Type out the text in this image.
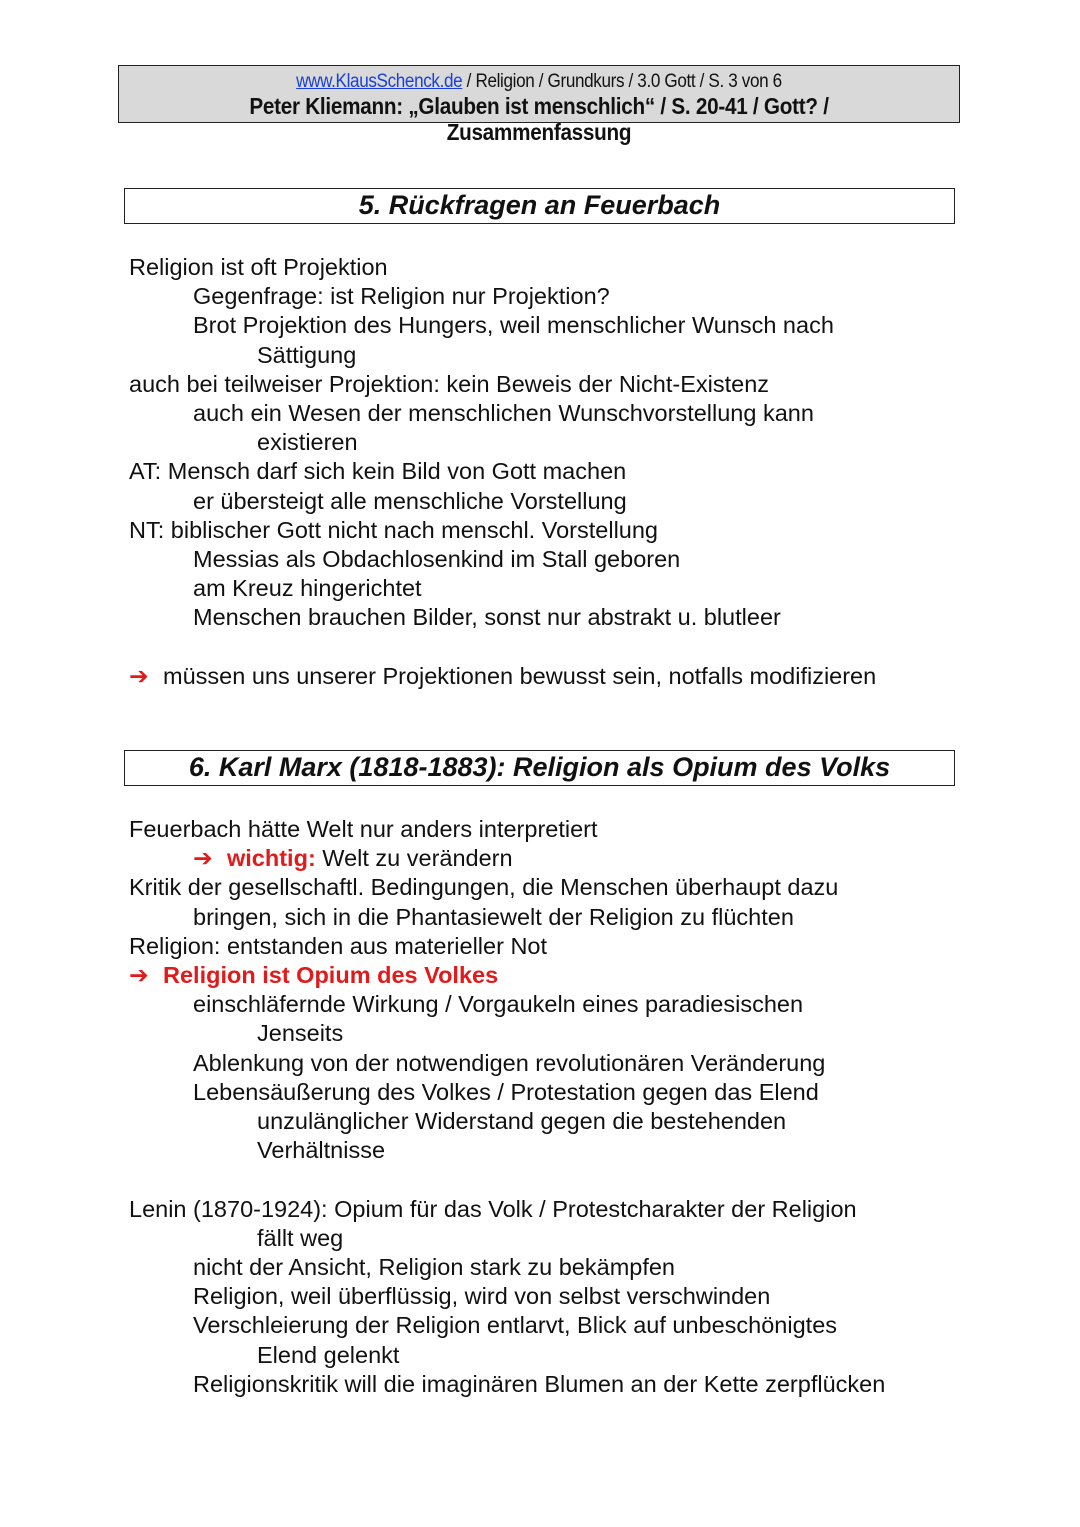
www.KlausSchenck.de / Religion / Grundkurs / 3.0 Gott / S. 3 von 6
Peter Kliemann: „Glauben ist menschlich“ / S. 20-41 / Gott? / Zusammenfassung
5. Rückfragen an Feuerbach
Religion ist oft Projektion
Gegenfrage: ist Religion nur Projektion?
Brot Projektion des Hungers, weil menschlicher Wunsch nach
Sättigung
auch bei teilweiser Projektion: kein Beweis der Nicht-Existenz
auch ein Wesen der menschlichen Wunschvorstellung kann
existieren
AT: Mensch darf sich kein Bild von Gott machen
er übersteigt alle menschliche Vorstellung
NT: biblischer Gott nicht nach menschl. Vorstellung
Messias als Obdachlosenkind im Stall geboren
am Kreuz hingerichtet
Menschen brauchen Bilder, sonst nur abstrakt u. blutleer
➔ müssen uns unserer Projektionen bewusst sein, notfalls modifizieren
6. Karl Marx (1818-1883): Religion als Opium des Volks
Feuerbach hätte Welt nur anders interpretiert
➔ wichtig: Welt zu verändern
Kritik der gesellschaftl. Bedingungen, die Menschen überhaupt dazu
bringen, sich in die Phantasiewelt der Religion zu flüchten
Religion: entstanden aus materieller Not
➔ Religion ist Opium des Volkes
einschläfernde Wirkung / Vorgaukeln eines paradiesischen
Jenseits
Ablenkung von der notwendigen revolutionären Veränderung
Lebensäußerung des Volkes / Protestation gegen das Elend
unzulänglicher Widerstand gegen die bestehenden
Verhältnisse
Lenin (1870-1924): Opium für das Volk / Protestcharakter der Religion
fällt weg
nicht der Ansicht, Religion stark zu bekämpfen
Religion, weil überflüssig, wird von selbst verschwinden
Verschleierung der Religion entlarvt, Blick auf unbeschönigtes
Elend gelenkt
Religionskritik will die imaginären Blumen an der Kette zerpflücken
